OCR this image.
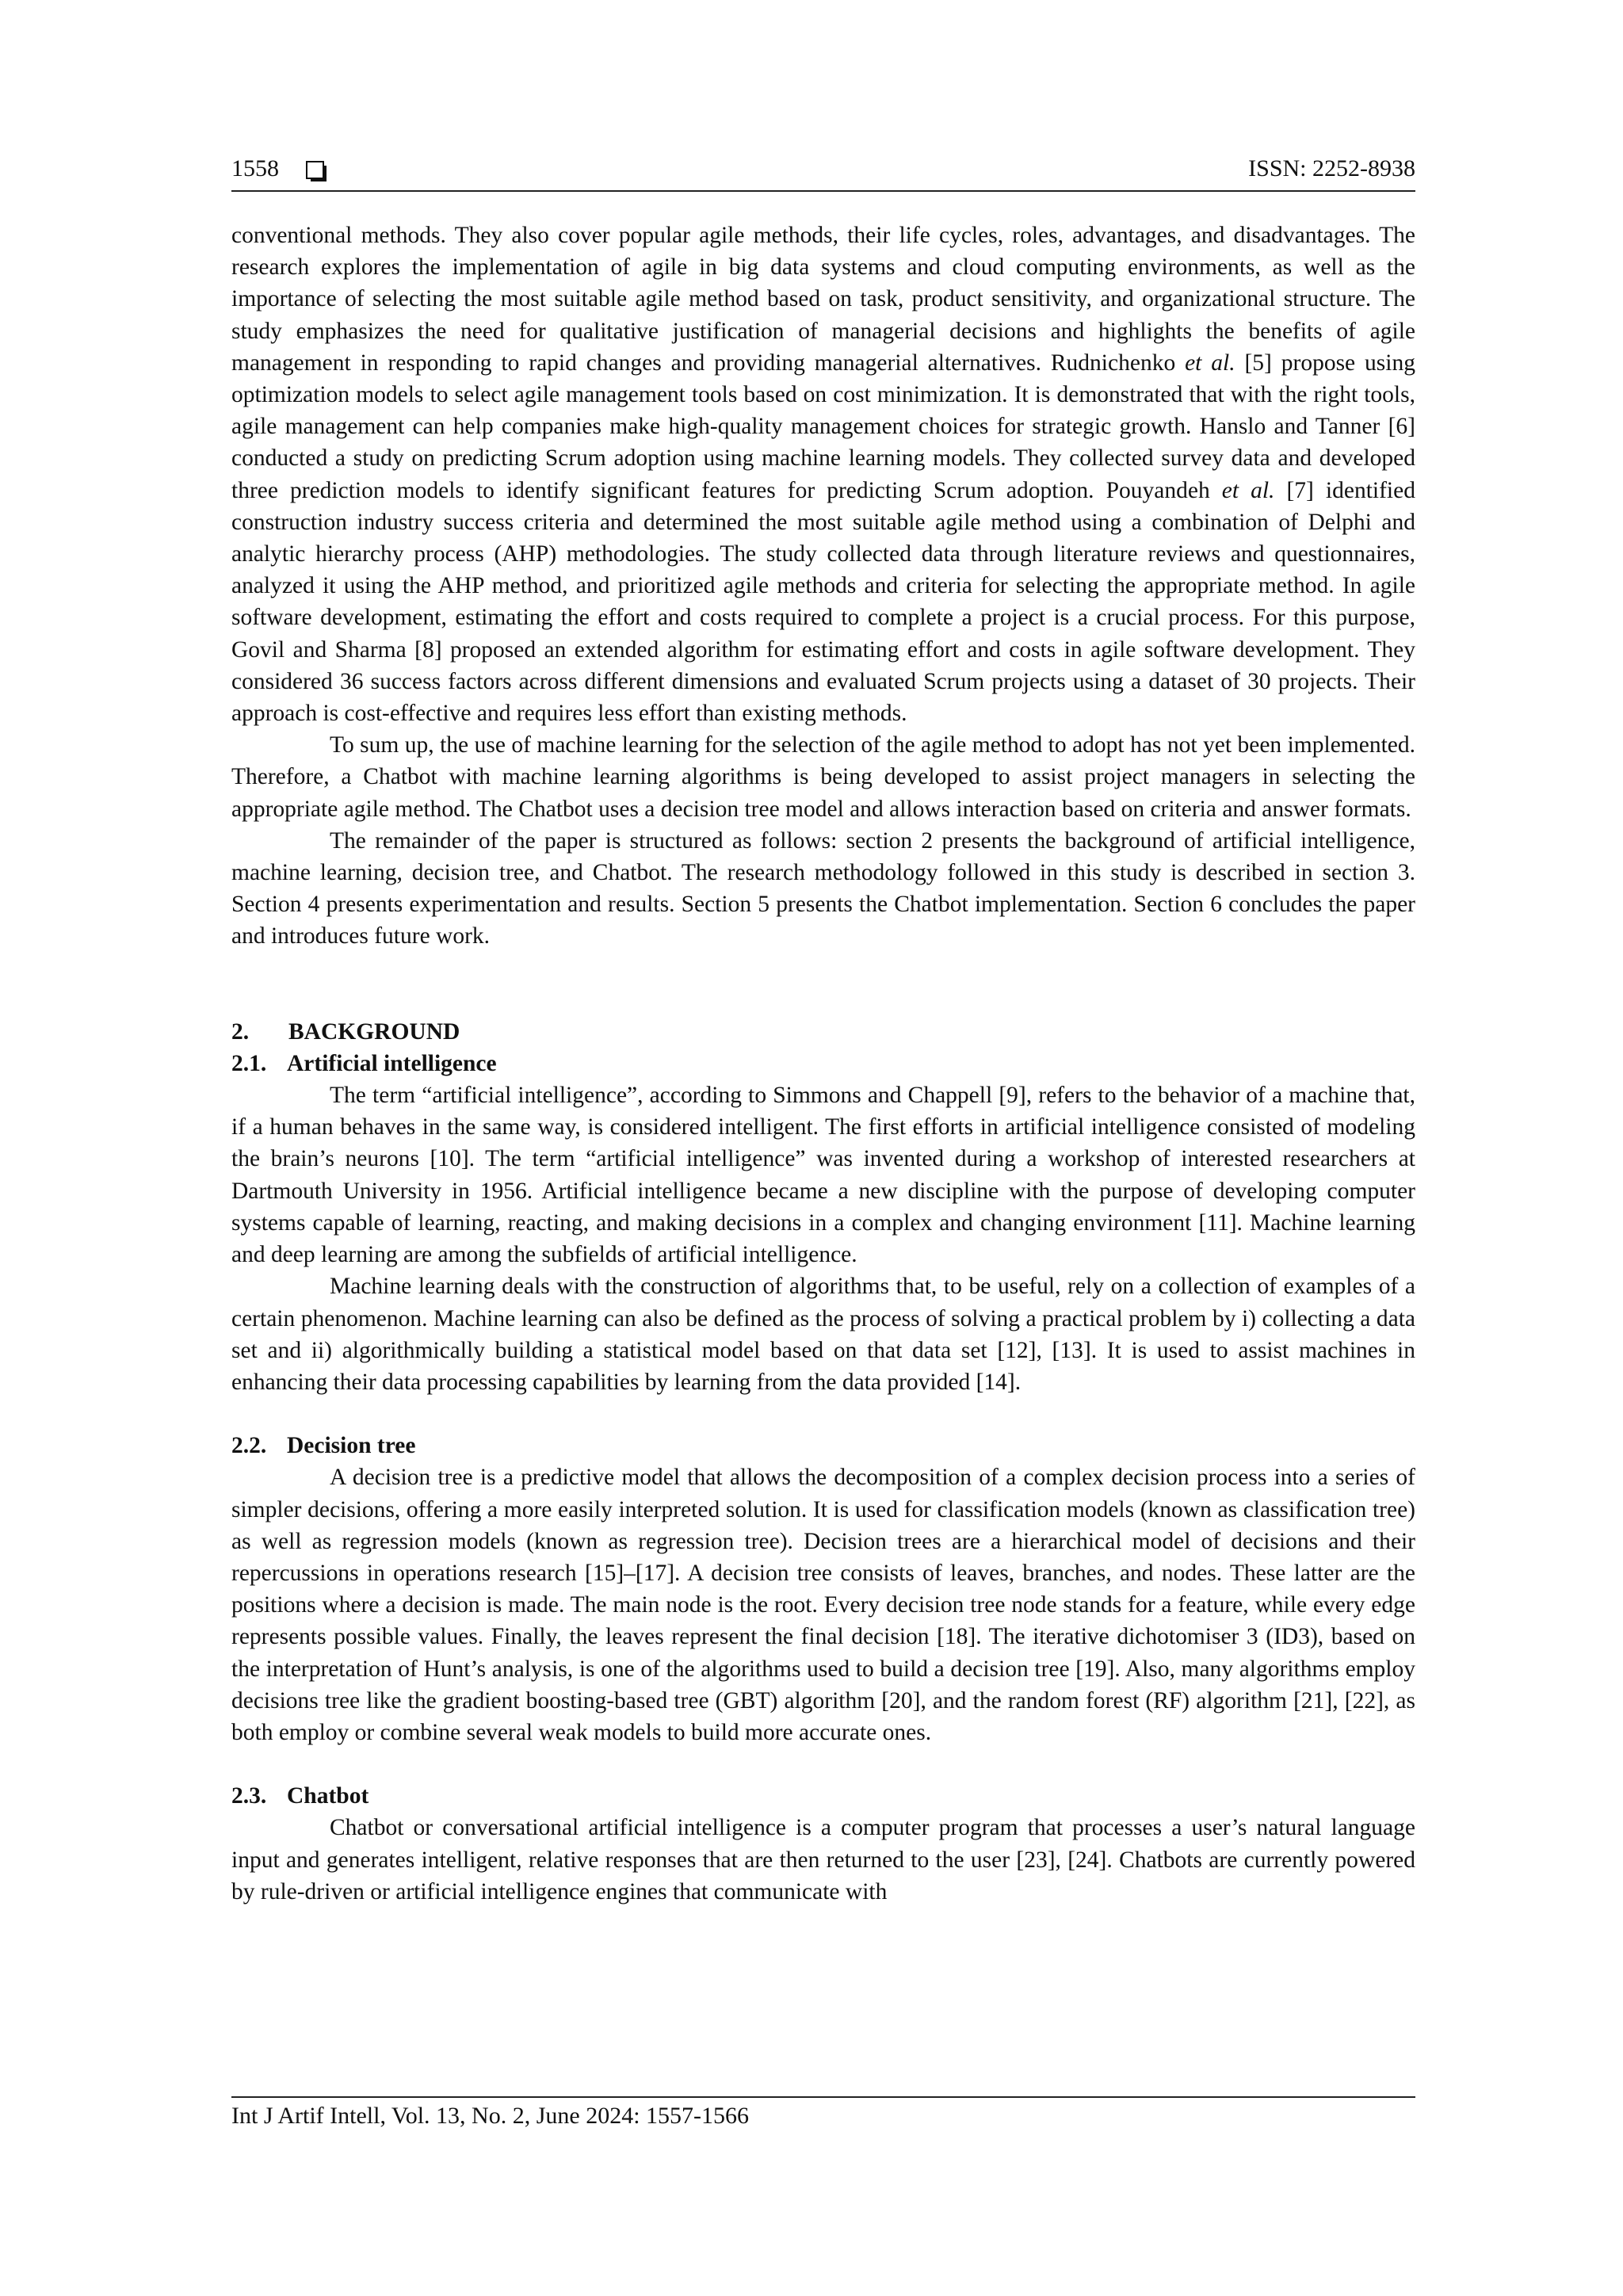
1558	ISSN: 2252-8938

conventional methods. They also cover popular agile methods, their life cycles, roles, advantages, and disadvantages. The research explores the implementation of agile in big data systems and cloud computing environments, as well as the importance of selecting the most suitable agile method based on task, product sensitivity, and organizational structure. The study emphasizes the need for qualitative justification of managerial decisions and highlights the benefits of agile management in responding to rapid changes and providing managerial alternatives. Rudnichenko et al. [5] propose using optimization models to select agile management tools based on cost minimization. It is demonstrated that with the right tools, agile management can help companies make high-quality management choices for strategic growth. Hanslo and Tanner [6] conducted a study on predicting Scrum adoption using machine learning models. They collected survey data and developed three prediction models to identify significant features for predicting Scrum adoption. Pouyandeh et al. [7] identified construction industry success criteria and determined the most suitable agile method using a combination of Delphi and analytic hierarchy process (AHP) methodologies. The study collected data through literature reviews and questionnaires, analyzed it using the AHP method, and prioritized agile methods and criteria for selecting the appropriate method. In agile software development, estimating the effort and costs required to complete a project is a crucial process. For this purpose, Govil and Sharma [8] proposed an extended algorithm for estimating effort and costs in agile software development. They considered 36 success factors across different dimensions and evaluated Scrum projects using a dataset of 30 projects. Their approach is cost-effective and requires less effort than existing methods.

To sum up, the use of machine learning for the selection of the agile method to adopt has not yet been implemented. Therefore, a Chatbot with machine learning algorithms is being developed to assist project managers in selecting the appropriate agile method. The Chatbot uses a decision tree model and allows interaction based on criteria and answer formats.

The remainder of the paper is structured as follows: section 2 presents the background of artificial intelligence, machine learning, decision tree, and Chatbot. The research methodology followed in this study is described in section 3. Section 4 presents experimentation and results. Section 5 presents the Chatbot implementation. Section 6 concludes the paper and introduces future work.

2. BACKGROUND

2.1. Artificial intelligence

The term “artificial intelligence”, according to Simmons and Chappell [9], refers to the behavior of a machine that, if a human behaves in the same way, is considered intelligent. The first efforts in artificial intelligence consisted of modeling the brain’s neurons [10]. The term “artificial intelligence” was invented during a workshop of interested researchers at Dartmouth University in 1956. Artificial intelligence became a new discipline with the purpose of developing computer systems capable of learning, reacting, and making decisions in a complex and changing environment [11]. Machine learning and deep learning are among the subfields of artificial intelligence.

Machine learning deals with the construction of algorithms that, to be useful, rely on a collection of examples of a certain phenomenon. Machine learning can also be defined as the process of solving a practical problem by i) collecting a data set and ii) algorithmically building a statistical model based on that data set [12], [13]. It is used to assist machines in enhancing their data processing capabilities by learning from the data provided [14].

2.2. Decision tree

A decision tree is a predictive model that allows the decomposition of a complex decision process into a series of simpler decisions, offering a more easily interpreted solution. It is used for classification models (known as classification tree) as well as regression models (known as regression tree). Decision trees are a hierarchical model of decisions and their repercussions in operations research [15]–[17]. A decision tree consists of leaves, branches, and nodes. These latter are the positions where a decision is made. The main node is the root. Every decision tree node stands for a feature, while every edge represents possible values. Finally, the leaves represent the final decision [18]. The iterative dichotomiser 3 (ID3), based on the interpretation of Hunt’s analysis, is one of the algorithms used to build a decision tree [19]. Also, many algorithms employ decisions tree like the gradient boosting-based tree (GBT) algorithm [20], and the random forest (RF) algorithm [21], [22], as both employ or combine several weak models to build more accurate ones.

2.3. Chatbot

Chatbot or conversational artificial intelligence is a computer program that processes a user’s natural language input and generates intelligent, relative responses that are then returned to the user [23], [24]. Chatbots are currently powered by rule-driven or artificial intelligence engines that communicate with

Int J Artif Intell, Vol. 13, No. 2, June 2024: 1557-1566
